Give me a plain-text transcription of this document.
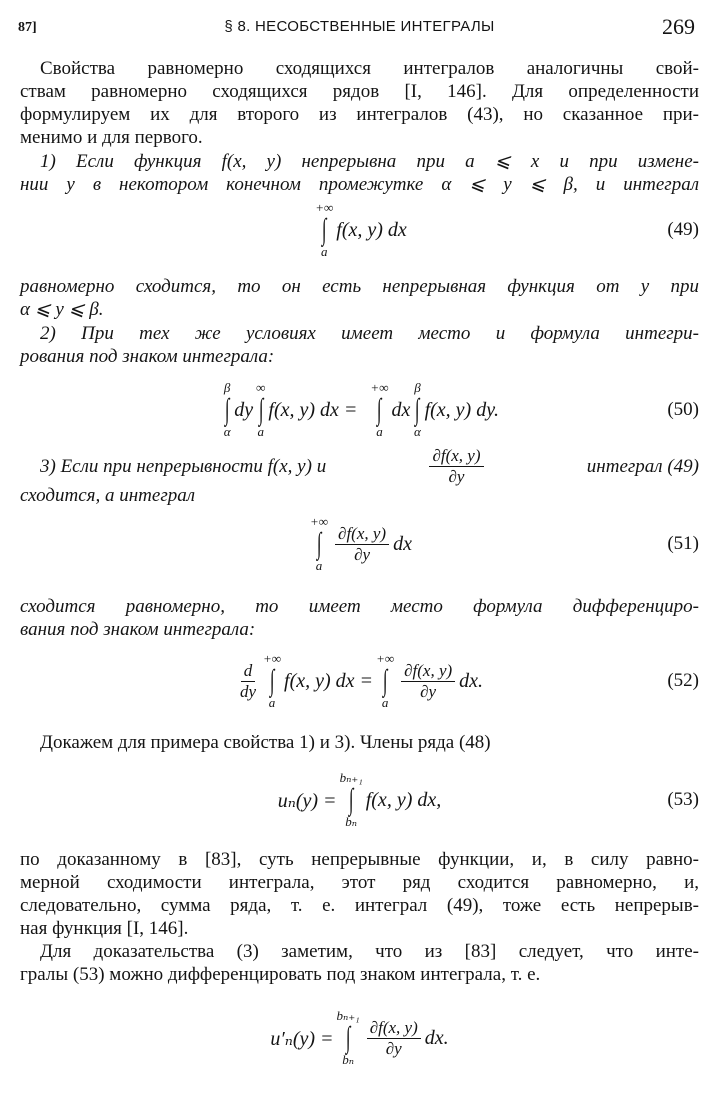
87]	§ 8. НЕСОБСТВЕННЫЕ ИНТЕГРАЛЫ	269

Свойства равномерно сходящихся интегралов аналогичны свой-
ствам равномерно сходящихся рядов [I, 146]. Для определенности
формулируем их для второго из интегралов (43), но сказанное при-
менимо и для первого.

1) Если функция f(x, y) непрерывна при a ⩽ x и при измене-
нии y в некотором конечном промежутке α ⩽ y ⩽ β, и интеграл

+∞
∫
a
f(x, y) dx	(49)

равномерно сходится, то он есть непрерывная функция от y при
α ⩽ y ⩽ β.

2) При тех же условиях имеет место и формула интегри-
рования под знаком интеграла:

β
∫
α
dy
∞
∫
a
f(x, y) dx =
+∞
∫
a
dx
β
∫
α
f(x, y) dy.	(50)
3) Если при непрерывности f(x, y) и	$\frac{\partial f(x, y)}{\partial y}$	интеграл (49)
сходится, а интеграл
+∞
∫
a
$\frac{\partial f(x, y)}{\partial y}$ dx	(51)

сходится равномерно, то имеет место формула дифференциро-
вания под знаком интеграла:

$\frac{d}{dy}$
+∞
∫
a
f(x, y) dx =
+∞
∫
a
$\frac{\partial f(x, y)}{\partial y}$ dx.	(52)

Докажем для примера свойства 1) и 3). Члены ряда (48)

uₙ(y) =
bₙ₊₁
∫
bₙ
f(x, y) dx,	(53)

по доказанному в [83], суть непрерывные функции, и, в силу равно-
мерной сходимости интеграла, этот ряд сходится равномерно, и,
следовательно, сумма ряда, т. е. интеграл (49), тоже есть непрерыв-
ная функция [I, 146].

Для доказательства (3) заметим, что из [83] следует, что инте-
гралы (53) можно дифференцировать под знаком интеграла, т. е.

u′ₙ(y) =
bₙ₊₁
∫
bₙ
$\frac{\partial f(x, y)}{\partial y}$ dx.
